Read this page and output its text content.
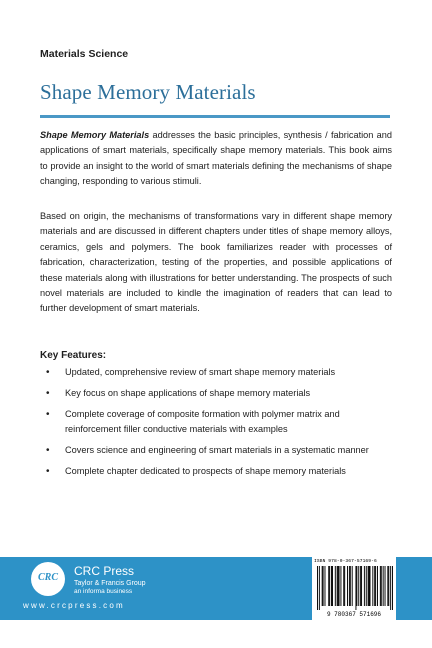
Materials Science
Shape Memory Materials
Shape Memory Materials addresses the basic principles, synthesis / fabrication and applications of smart materials, specifically shape memory materials. This book aims to provide an insight to the world of smart materials defining the mechanisms of shape changing, responding to various stimuli.
Based on origin, the mechanisms of transformations vary in different shape memory materials and are discussed in different chapters under titles of shape memory alloys, ceramics, gels and polymers. The book familiarizes reader with processes of fabrication, characterization, testing of the properties, and possible applications of these materials along with illustrations for better understanding. The prospects of such novel materials are included to kindle the imagination of readers that can lead to further development of smart materials.
Key Features:
• Updated, comprehensive review of smart shape memory materials
• Key focus on shape applications of shape memory materials
• Complete coverage of composite formation with polymer matrix and reinforcement filler conductive materials with examples
• Covers science and engineering of smart materials in a systematic manner
• Complete chapter dedicated to prospects of shape memory materials
CRC CRC Press
Taylor & Francis Group
an informa business
www.crcpress.com
ISBN 978-0-367-57169-6
9 780367 571696
